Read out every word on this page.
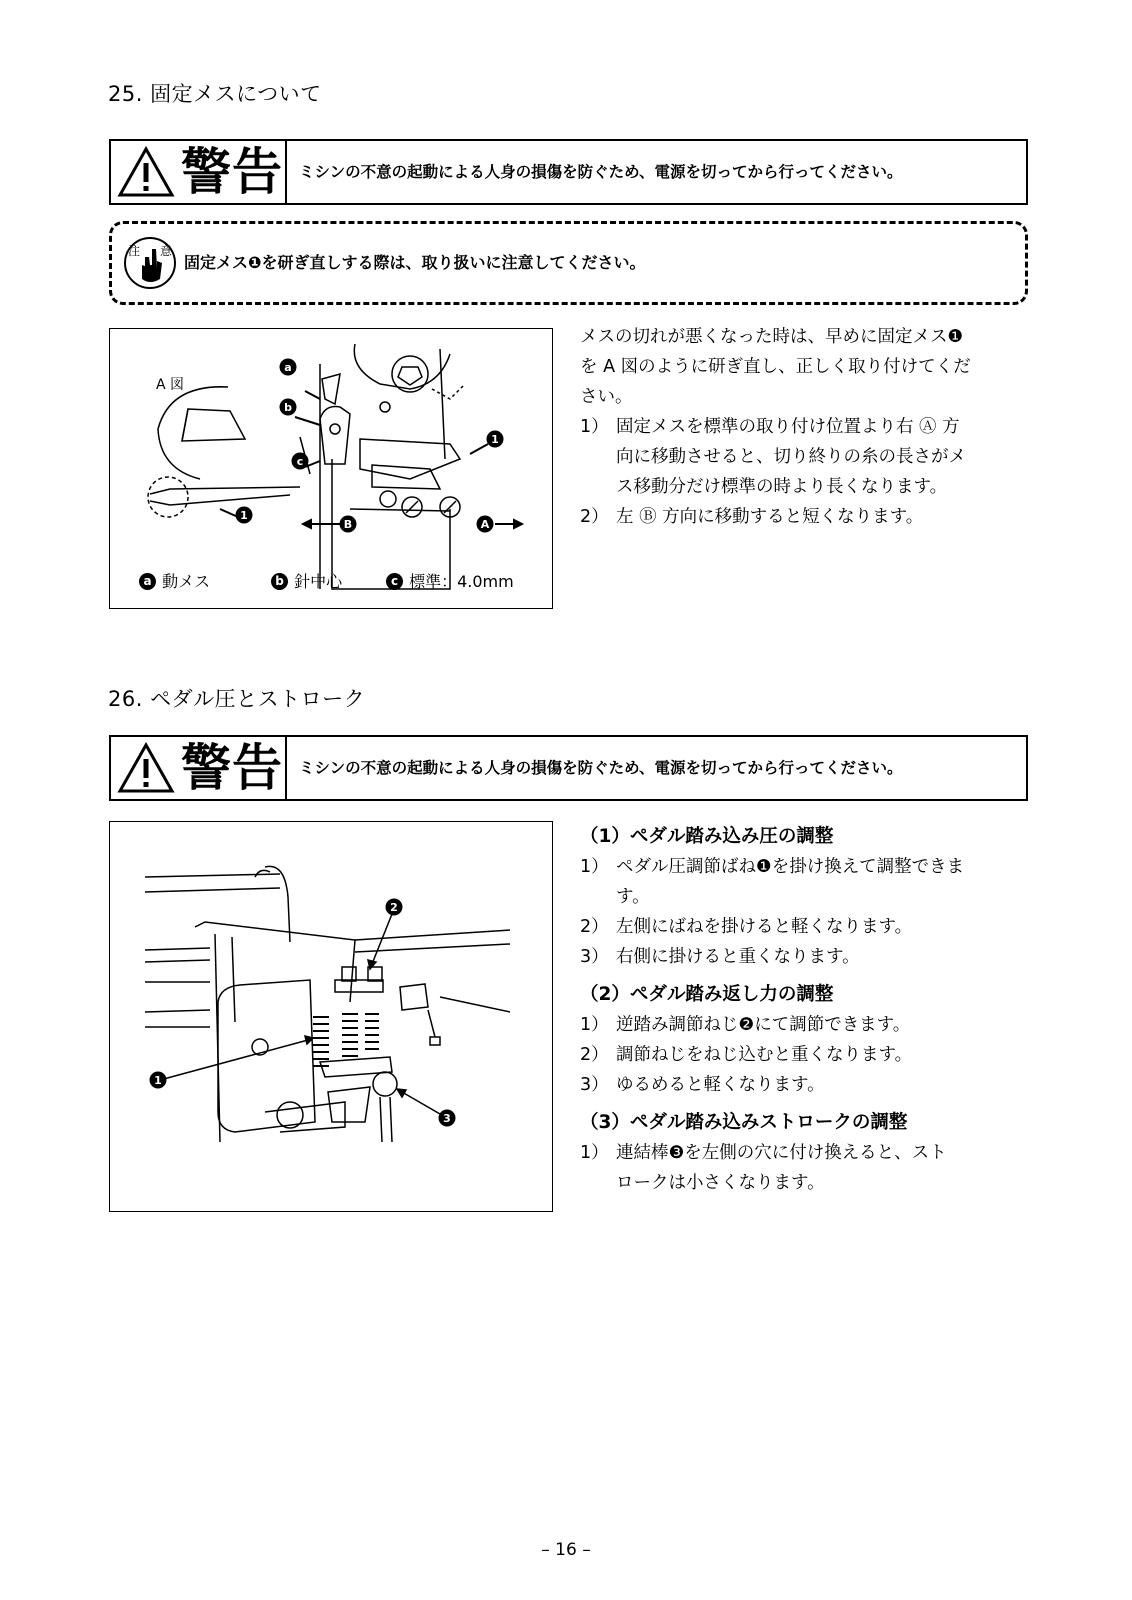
25. 固定メスについて
警告 ミシンの不意の起動による人身の損傷を防ぐため、電源を切ってから行ってください。
注 意
固定メス❶を研ぎ直しする際は、取り扱いに注意してください。
a
b
c
1
1
B	A
A 図
a 動メス	b 針中心	c 標準：4.0mm
メスの切れが悪くなった時は、早めに固定メス❶
を A 図のように研ぎ直し、正しく取り付けてくだ
さい。
1） 固定メスを標準の取り付け位置より右 Ⓐ 方
向に移動させると、切り終りの糸の長さがメ
ス移動分だけ標準の時より長くなります。
2） 左 Ⓑ 方向に移動すると短くなります。
26. ペダル圧とストローク
警告 ミシンの不意の起動による人身の損傷を防ぐため、電源を切ってから行ってください。
1
2
3
（1）ペダル踏み込み圧の調整
1） ペダル圧調節ばね❶を掛け換えて調整できま
す。
2） 左側にばねを掛けると軽くなります。
3） 右側に掛けると重くなります。
（2）ペダル踏み返し力の調整
1） 逆踏み調節ねじ❷にて調節できます。
2） 調節ねじをねじ込むと重くなります。
3） ゆるめると軽くなります。
（3）ペダル踏み込みストロークの調整
1） 連結棒❸を左側の穴に付け換えると、スト
ロークは小さくなります。
– 16 –
